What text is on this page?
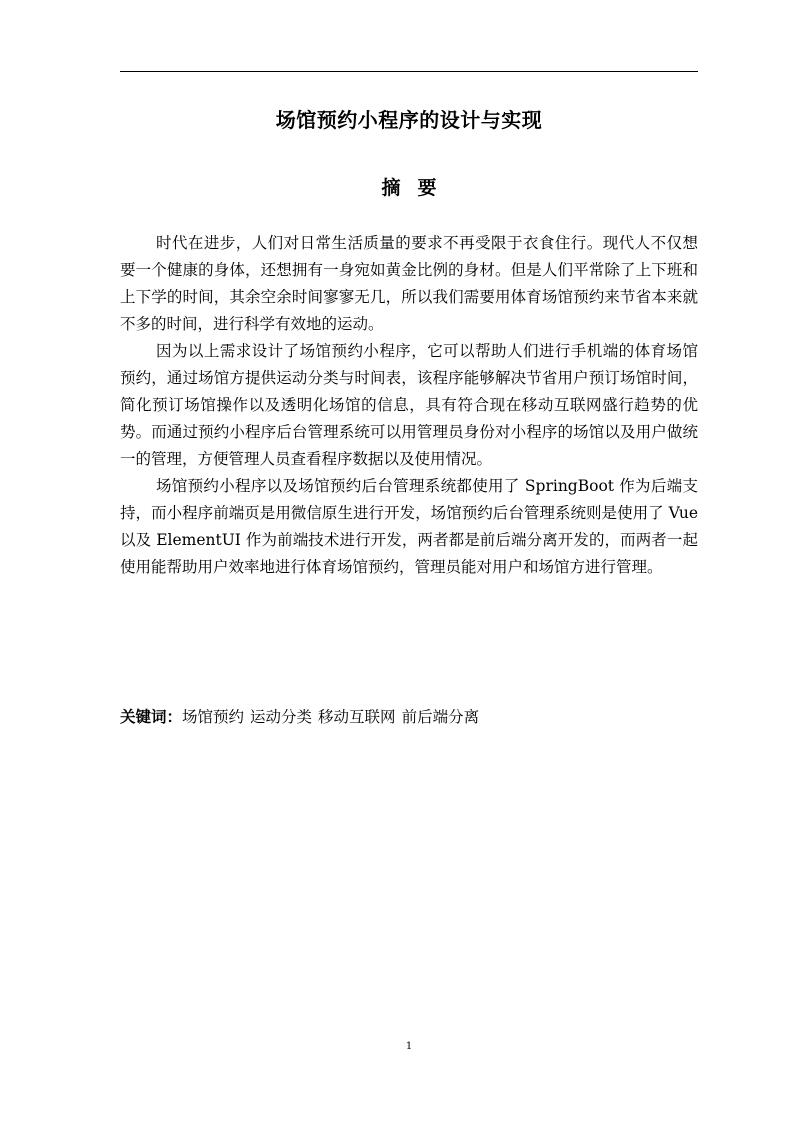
场馆预约小程序的设计与实现
摘要

时代在进步，人们对日常生活质量的要求不再受限于衣食住行。现代人不仅想要一个健康的身体，还想拥有一身宛如黄金比例的身材。但是人们平常除了上下班和上下学的时间，其余空余时间寥寥无几，所以我们需要用体育场馆预约来节省本来就不多的时间，进行科学有效地的运动。

因为以上需求设计了场馆预约小程序，它可以帮助人们进行手机端的体育场馆预约，通过场馆方提供运动分类与时间表，该程序能够解决节省用户预订场馆时间，简化预订场馆操作以及透明化场馆的信息，具有符合现在移动互联网盛行趋势的优势。而通过预约小程序后台管理系统可以用管理员身份对小程序的场馆以及用户做统一的管理，方便管理人员查看程序数据以及使用情况。

场馆预约小程序以及场馆预约后台管理系统都使用了 SpringBoot 作为后端支持，而小程序前端页是用微信原生进行开发，场馆预约后台管理系统则是使用了 Vue 以及 ElementUI 作为前端技术进行开发，两者都是前后端分离开发的，而两者一起使用能帮助用户效率地进行体育场馆预约，管理员能对用户和场馆方进行管理。

关键词：场馆预约 运动分类 移动互联网 前后端分离
1
